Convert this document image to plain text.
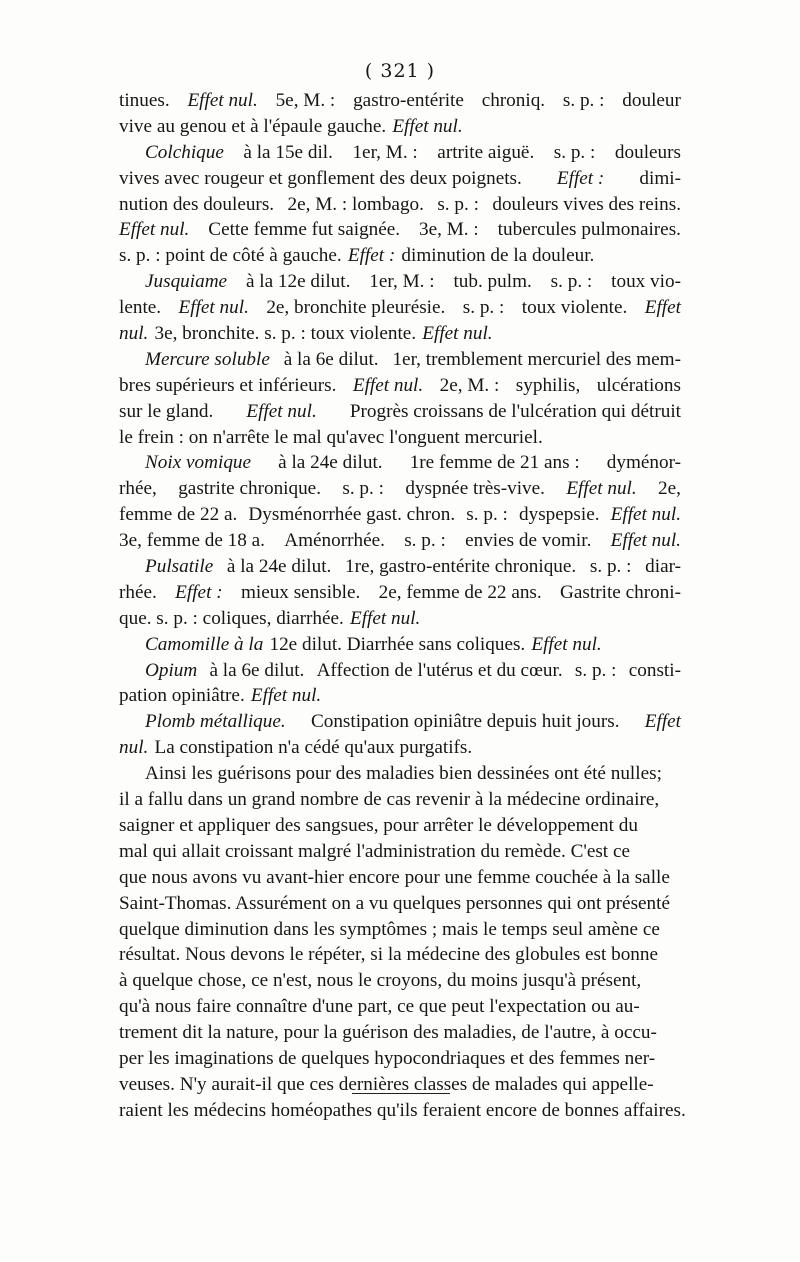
( 321 )
tinues. Effet nul. 5e, M. : gastro-entérite chroniq. s. p. : douleur
vive au genou et à l'épaule gauche. Effet nul.
Colchique à la 15e dil. 1er, M. : artrite aiguë. s. p. : douleurs
vives avec rougeur et gonflement des deux poignets. Effet : dimi-
nution des douleurs. 2e, M. : lombago. s. p. : douleurs vives des reins.
Effet nul. Cette femme fut saignée. 3e, M. : tubercules pulmonaires.
s. p. : point de côté à gauche. Effet : diminution de la douleur.
Jusquiame à la 12e dilut. 1er, M. : tub. pulm. s. p. : toux vio-
lente. Effet nul. 2e, bronchite pleurésie. s. p. : toux violente. Effet
nul. 3e, bronchite. s. p. : toux violente. Effet nul.
Mercure soluble à la 6e dilut. 1er, tremblement mercuriel des mem-
bres supérieurs et inférieurs. Effet nul. 2e, M. : syphilis, ulcérations
sur le gland. Effet nul. Progrès croissans de l'ulcération qui détruit
le frein : on n'arrête le mal qu'avec l'onguent mercuriel.
Noix vomique à la 24e dilut. 1re femme de 21 ans : dyménor-
rhée, gastrite chronique. s. p. : dyspnée très-vive. Effet nul. 2e,
femme de 22 a. Dysménorrhée gast. chron. s. p. : dyspepsie. Effet nul.
3e, femme de 18 a. Aménorrhée. s. p. : envies de vomir. Effet nul.
Pulsatile à la 24e dilut. 1re, gastro-entérite chronique. s. p. : diar-
rhée. Effet : mieux sensible. 2e, femme de 22 ans. Gastrite chroni-
que. s. p. : coliques, diarrhée. Effet nul.
Camomille à la 12e dilut. Diarrhée sans coliques. Effet nul.
Opium à la 6e dilut. Affection de l'utérus et du cœur. s. p. : consti-
pation opiniâtre. Effet nul.
Plomb métallique. Constipation opiniâtre depuis huit jours. Effet
nul. La constipation n'a cédé qu'aux purgatifs.
Ainsi les guérisons pour des maladies bien dessinées ont été nulles;
il a fallu dans un grand nombre de cas revenir à la médecine ordinaire,
saigner et appliquer des sangsues, pour arrêter le développement du
mal qui allait croissant malgré l'administration du remède. C'est ce
que nous avons vu avant-hier encore pour une femme couchée à la salle
Saint-Thomas. Assurément on a vu quelques personnes qui ont présenté
quelque diminution dans les symptômes ; mais le temps seul amène ce
résultat. Nous devons le répéter, si la médecine des globules est bonne
à quelque chose, ce n'est, nous le croyons, du moins jusqu'à présent,
qu'à nous faire connaître d'une part, ce que peut l'expectation ou au-
trement dit la nature, pour la guérison des maladies, de l'autre, à occu-
per les imaginations de quelques hypocondriaques et des femmes ner-
veuses. N'y aurait-il que ces dernières classes de malades qui appelle-
raient les médecins homéopathes qu'ils feraient encore de bonnes affaires.
